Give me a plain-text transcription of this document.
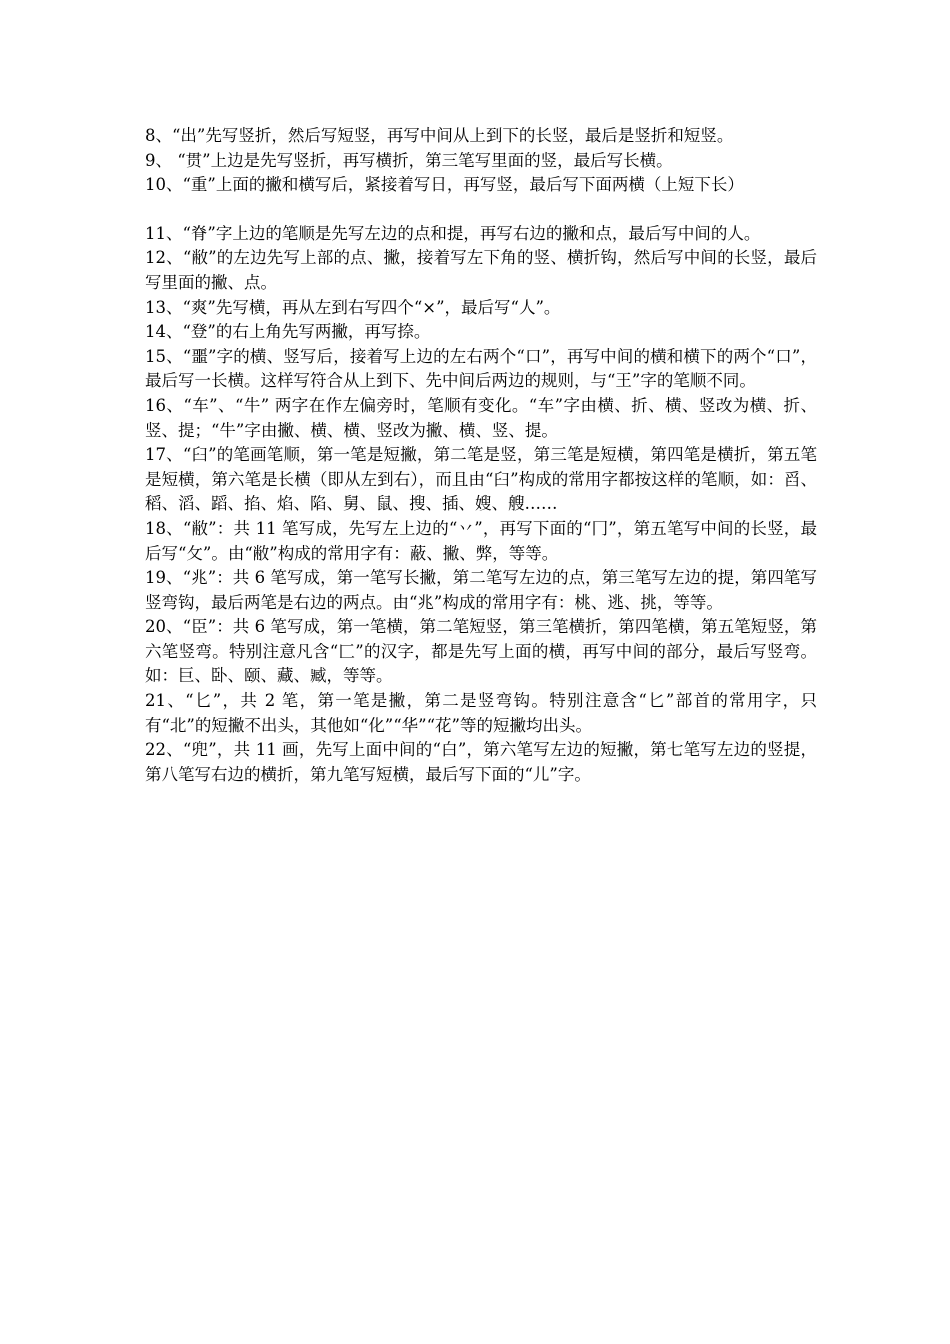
8、“出”先写竖折，然后写短竖，再写中间从上到下的长竖，最后是竖折和短竖。

9、 “贯”上边是先写竖折，再写横折，第三笔写里面的竖，最后写长横。

10、“重”上面的撇和横写后，紧接着写日，再写竖，最后写下面两横（上短下长）

11、“脊”字上边的笔顺是先写左边的点和提，再写右边的撇和点，最后写中间的人。

12、“敝”的左边先写上部的点、撇，接着写左下角的竖、横折钩，然后写中间的长竖，最后写里面的撇、点。

13、“爽”先写横，再从左到右写四个“×”，最后写“人”。

14、“登”的右上角先写两撇，再写捺。

15、“噩”字的横、竖写后，接着写上边的左右两个“口”，再写中间的横和横下的两个“口”，最后写一长横。这样写符合从上到下、先中间后两边的规则，与“王”字的笔顺不同。

16、“车”、“牛” 两字在作左偏旁时，笔顺有变化。“车”字由横、折、横、竖改为横、折、竖、提；“牛”字由撇、横、横、竖改为撇、横、竖、提。

17、“臼”的笔画笔顺，第一笔是短撇，第二笔是竖，第三笔是短横，第四笔是横折，第五笔是短横，第六笔是长横（即从左到右），而且由“臼”构成的常用字都按这样的笔顺，如：舀、稻、滔、蹈、掐、焰、陷、舅、鼠、搜、插、嫂、艘……

18、“敝”：共 11 笔写成，先写左上边的“丷”，再写下面的“冂”，第五笔写中间的长竖，最后写“攵”。由“敝”构成的常用字有：蔽、撇、弊，等等。

19、“兆”：共 6 笔写成，第一笔写长撇，第二笔写左边的点，第三笔写左边的提，第四笔写竖弯钩，最后两笔是右边的两点。由“兆”构成的常用字有：桃、逃、挑，等等。

20、“臣”：共 6 笔写成，第一笔横，第二笔短竖，第三笔横折，第四笔横，第五笔短竖，第六笔竖弯。特别注意凡含“匚”的汉字，都是先写上面的横，再写中间的部分，最后写竖弯。如：巨、卧、颐、藏、臧，等等。

21、“匕”，共 2 笔，第一笔是撇，第二是竖弯钩。特别注意含“匕”部首的常用字，只有“北”的短撇不出头，其他如“化”“华”“花”等的短撇均出头。

22、“兜”，共 11 画，先写上面中间的“白”，第六笔写左边的短撇，第七笔写左边的竖提，第八笔写右边的横折，第九笔写短横，最后写下面的“儿”字。
